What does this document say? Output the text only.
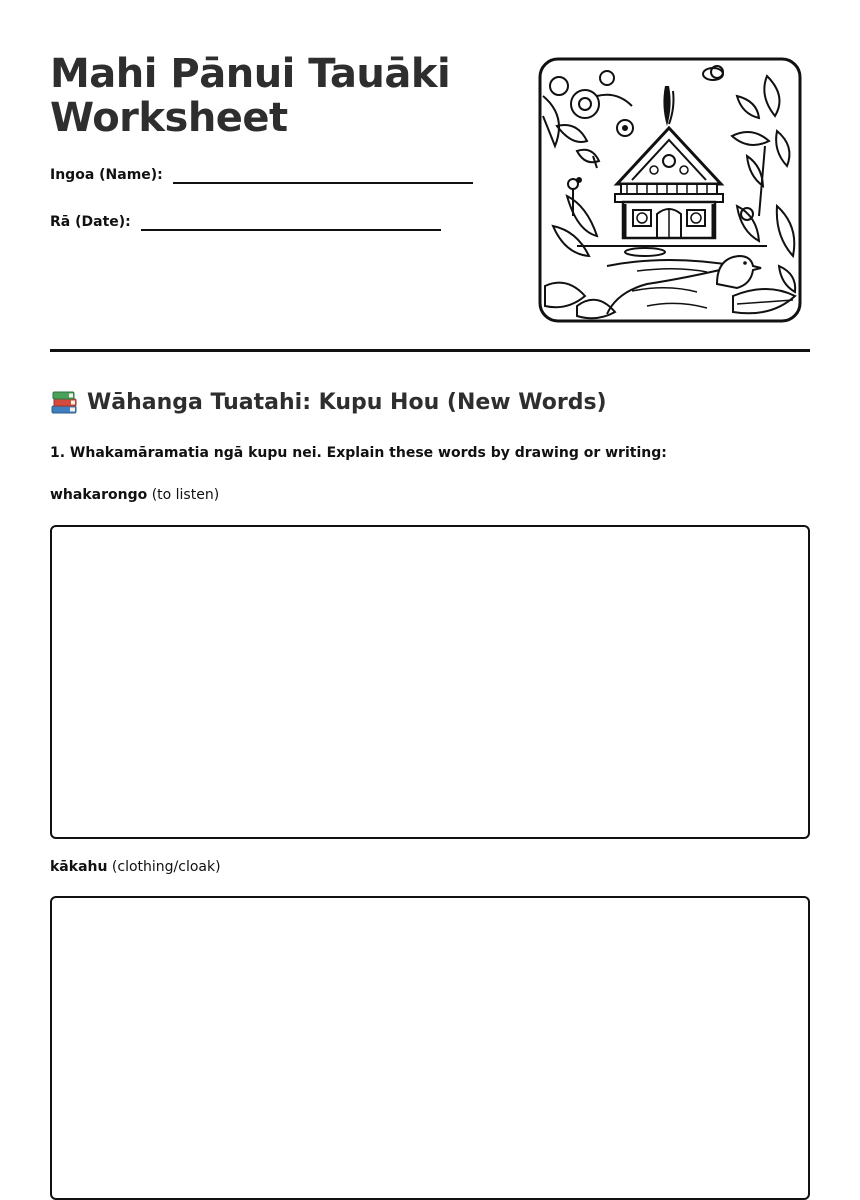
Mahi Pānui Tauāki
Worksheet
Ingoa (Name):
Rā (Date):
Wāhanga Tuatahi: Kupu Hou (New Words)
1. Whakamāramatia ngā kupu nei. Explain these words by drawing or writing:
whakarongo (to listen)
kākahu (clothing/cloak)
